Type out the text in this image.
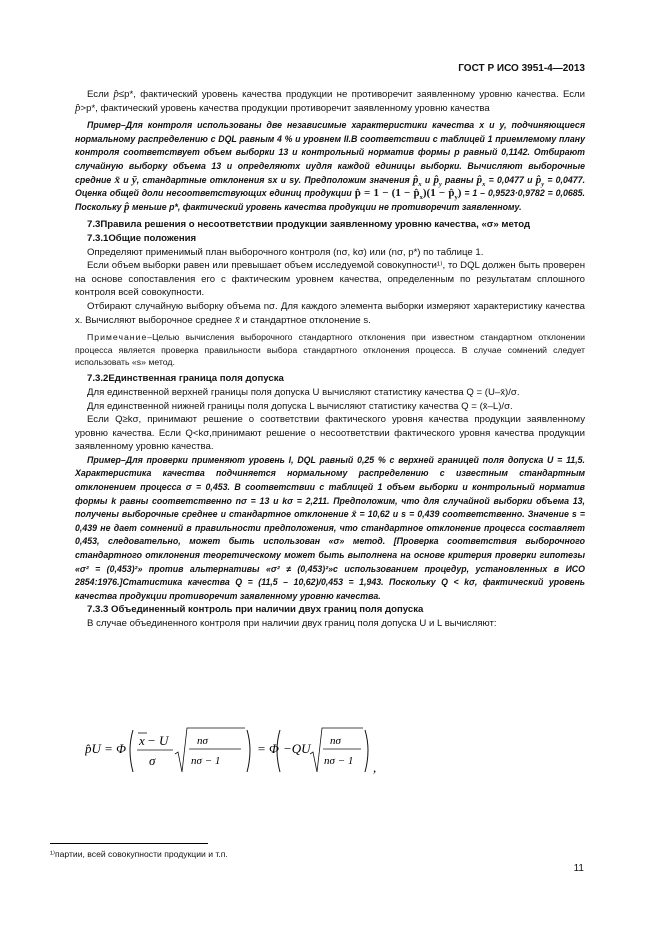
ГОСТ Р ИСО 3951-4—2013

Если p̂≤p*, фактический уровень качества продукции не противоречит заявленному уровню качества. Если p̂>p*, фактический уровень качества продукции противоречит заявленному уровню качества

Пример–Для контроля использованы две независимые характеристики качества x и y, подчиняющиеся нормальному распределению с DQL равным 4 % и уровнем II.В соответствии с таблицей 1 приемлемому плану контроля соответствует объем выборки 13 и контрольный норматив формы p равный 0,1142. Отбирают случайную выборку объема 13 и определяютx иудля каждой единицы выборки. Вычисляют выборочные средние x̄ и ȳ, стандартные отклонения sx и sy. Предположим значения $p̂_x$ и $p̂_y$ равны $p̂_x = 0,0477$ и $p̂_y = 0,0477$. Оценка общей доли несоответствующих единиц продукции p̂ = $1 - (1 - p̂_x)(1$ − $p̂_y) = 1 - 0,9523\cdot 0,9782 = 0,0685$. Поскольку p̂ меньше p*, фактический уровень качества продукции не противоречит заявленному.

7.3Правила решения о несоответствии продукции заявленному уровню качества, «σ» метод

7.3.1Общие положения

Определяют применимый план выборочного контроля (nσ, kσ) или (nσ, p*) по таблице 1.

Если объем выборки равен или превышает объем исследуемой совокупности¹⁾, то DQL должен быть проверен на основе сопоставления его с фактическим уровнем качества, определенным по результатам сплошного контроля всей совокупности.

Отбирают случайную выборку объема nσ. Для каждого элемента выборки измеряют характеристику качества x. Вычисляют выборочное среднее x̄ и стандартное отклонение s.

Примечание–Целью вычисления выборочного стандартного отклонения при известном стандартном отклонении процесса является проверка правильности выбора стандартного отклонения процесса. В случае сомнений следует использовать «s» метод.

7.3.2Единственная граница поля допуска

Для единственной верхней границы поля допуска U вычисляют статистику качества Q = (U–x̄)/σ.

Для единственной нижней границы поля допуска L вычисляют статистику качества Q = (x̄–L)/σ.

Если Q≥kσ, принимают решение о соответствии фактического уровня качества продукции заявленному уровню качества. Если Q<kσ,принимают решение о несоответствии фактического уровня качества продукции заявленному уровню качества.

Пример–Для проверки применяют уровень I, DQL равный 0,25 % с верхней границей поля допуска U = 11,5. Характеристика качества подчиняется нормальному распределению с известным стандартным отклонением процесса σ = 0,453. В соответствии с таблицей 1 объем выборки и контрольный норматив формы k равны соответственно nσ = 13 и kσ = 2,211. Предположим, что для случайной выборки объема 13, получены выборочные среднее и стандартное отклонение x̄ = 10,62 и s = 0,439 соответственно. Значение s = 0,439 не дает сомнений в правильности предположения, что стандартное отклонение процесса составляет 0,453, следовательно, может быть использован «σ» метод. [Проверка соответствия выборочного стандартного отклонения теоретическому может быть выполнена на основе критерия проверки гипотезы «σ² = (0,453)²» против альтернативы «σ² ≠ (0,453)²»с использованием процедур, установленных в ИСО 2854:1976.]Статистика качества Q = (11,5 – 10,62)/0,453 = 1,943. Поскольку Q < kσ, фактический уровень качества продукции противоречит заявленному уровню качества.

7.3.3 Объединенный контроль при наличии двух границ поля допуска

В случае объединенного контроля при наличии двух границ поля допуска U и L вычисляют:

p̂U = Φ
x − U
σ
nσ
nσ − 1
= Φ −QU nσ
nσ − 1 ,
¹⁾партии, всей совокупности продукции и т.п.
11
